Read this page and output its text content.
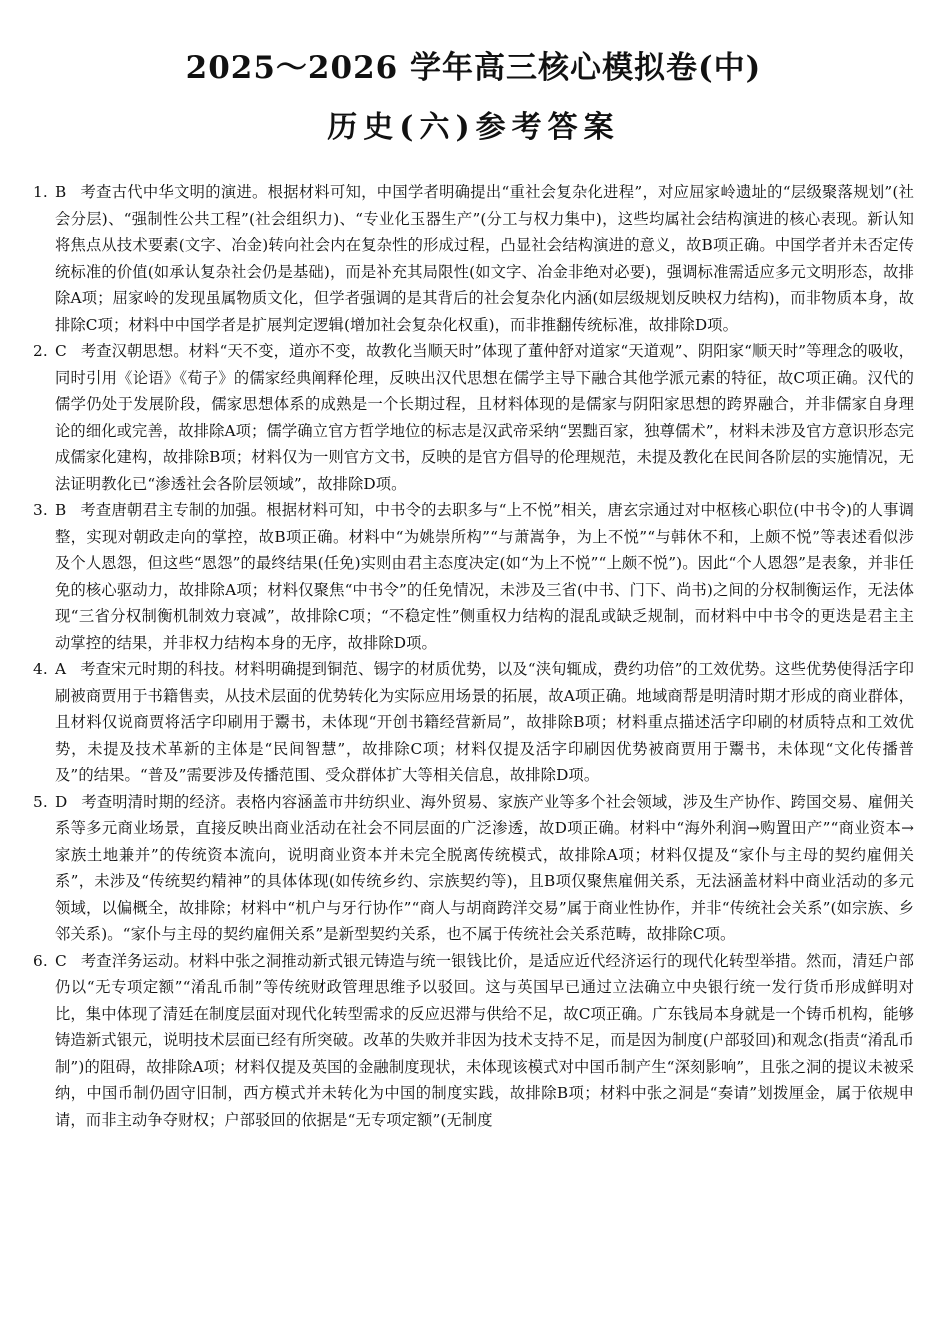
2025～2026 学年高三核心模拟卷(中)
历史(六)参考答案
1. B 考查古代中华文明的演进。根据材料可知，中国学者明确提出“重社会复杂化进程”，对应屈家岭遗址的“层级聚落规划”(社会分层)、“强制性公共工程”(社会组织力)、“专业化玉器生产”(分工与权力集中)，这些均属社会结构演进的核心表现。新认知将焦点从技术要素(文字、冶金)转向社会内在复杂性的形成过程，凸显社会结构演进的意义，故B项正确。中国学者并未否定传统标准的价值(如承认复杂社会仍是基础)，而是补充其局限性(如文字、冶金非绝对必要)，强调标准需适应多元文明形态，故排除A项；屈家岭的发现虽属物质文化，但学者强调的是其背后的社会复杂化内涵(如层级规划反映权力结构)，而非物质本身，故排除C项；材料中中国学者是扩展判定逻辑(增加社会复杂化权重)，而非推翻传统标准，故排除D项。
2. C 考查汉朝思想。材料“天不变，道亦不变，故教化当顺天时”体现了董仲舒对道家“天道观”、阴阳家“顺天时”等理念的吸收，同时引用《论语》《荀子》的儒家经典阐释伦理，反映出汉代思想在儒学主导下融合其他学派元素的特征，故C项正确。汉代的儒学仍处于发展阶段，儒家思想体系的成熟是一个长期过程，且材料体现的是儒家与阴阳家思想的跨界融合，并非儒家自身理论的细化或完善，故排除A项；儒学确立官方哲学地位的标志是汉武帝采纳“罢黜百家，独尊儒术”，材料未涉及官方意识形态完成儒家化建构，故排除B项；材料仅为一则官方文书，反映的是官方倡导的伦理规范，未提及教化在民间各阶层的实施情况，无法证明教化已“渗透社会各阶层领域”，故排除D项。
3. B 考查唐朝君主专制的加强。根据材料可知，中书令的去职多与“上不悦”相关，唐玄宗通过对中枢核心职位(中书令)的人事调整，实现对朝政走向的掌控，故B项正确。材料中“为姚崇所构”“与萧嵩争，为上不悦”“与韩休不和，上颇不悦”等表述看似涉及个人恩怨，但这些“恩怨”的最终结果(任免)实则由君主态度决定(如“为上不悦”“上颇不悦”)。因此“个人恩怨”是表象，并非任免的核心驱动力，故排除A项；材料仅聚焦“中书令”的任免情况，未涉及三省(中书、门下、尚书)之间的分权制衡运作，无法体现“三省分权制衡机制效力衰减”，故排除C项；“不稳定性”侧重权力结构的混乱或缺乏规制，而材料中中书令的更迭是君主主动掌控的结果，并非权力结构本身的无序，故排除D项。
4. A 考查宋元时期的科技。材料明确提到铜范、锡字的材质优势，以及“浃旬辄成，费约功倍”的工效优势。这些优势使得活字印刷被商贾用于书籍售卖，从技术层面的优势转化为实际应用场景的拓展，故A项正确。地域商帮是明清时期才形成的商业群体，且材料仅说商贾将活字印刷用于鬻书，未体现“开创书籍经营新局”，故排除B项；材料重点描述活字印刷的材质特点和工效优势，未提及技术革新的主体是“民间智慧”，故排除C项；材料仅提及活字印刷因优势被商贾用于鬻书，未体现“文化传播普及”的结果。“普及”需要涉及传播范围、受众群体扩大等相关信息，故排除D项。
5. D 考查明清时期的经济。表格内容涵盖市井纺织业、海外贸易、家族产业等多个社会领域，涉及生产协作、跨国交易、雇佣关系等多元商业场景，直接反映出商业活动在社会不同层面的广泛渗透，故D项正确。材料中“海外利润→购置田产”“商业资本→家族土地兼并”的传统资本流向，说明商业资本并未完全脱离传统模式，故排除A项；材料仅提及“家仆与主母的契约雇佣关系”，未涉及“传统契约精神”的具体体现(如传统乡约、宗族契约等)，且B项仅聚焦雇佣关系，无法涵盖材料中商业活动的多元领域，以偏概全，故排除；材料中“机户与牙行协作”“商人与胡商跨洋交易”属于商业性协作，并非“传统社会关系”(如宗族、乡邻关系)。“家仆与主母的契约雇佣关系”是新型契约关系，也不属于传统社会关系范畴，故排除C项。
6. C 考查洋务运动。材料中张之洞推动新式银元铸造与统一银钱比价，是适应近代经济运行的现代化转型举措。然而，清廷户部仍以“无专项定额”“淆乱币制”等传统财政管理思维予以驳回。这与英国早已通过立法确立中央银行统一发行货币形成鲜明对比，集中体现了清廷在制度层面对现代化转型需求的反应迟滞与供给不足，故C项正确。广东钱局本身就是一个铸币机构，能够铸造新式银元，说明技术层面已经有所突破。改革的失败并非因为技术支持不足，而是因为制度(户部驳回)和观念(指责“淆乱币制”)的阻碍，故排除A项；材料仅提及英国的金融制度现状，未体现该模式对中国币制产生“深刻影响”，且张之洞的提议未被采纳，中国币制仍固守旧制，西方模式并未转化为中国的制度实践，故排除B项；材料中张之洞是“奏请”划拨厘金，属于依规申请，而非主动争夺财权；户部驳回的依据是“无专项定额”(无制度
